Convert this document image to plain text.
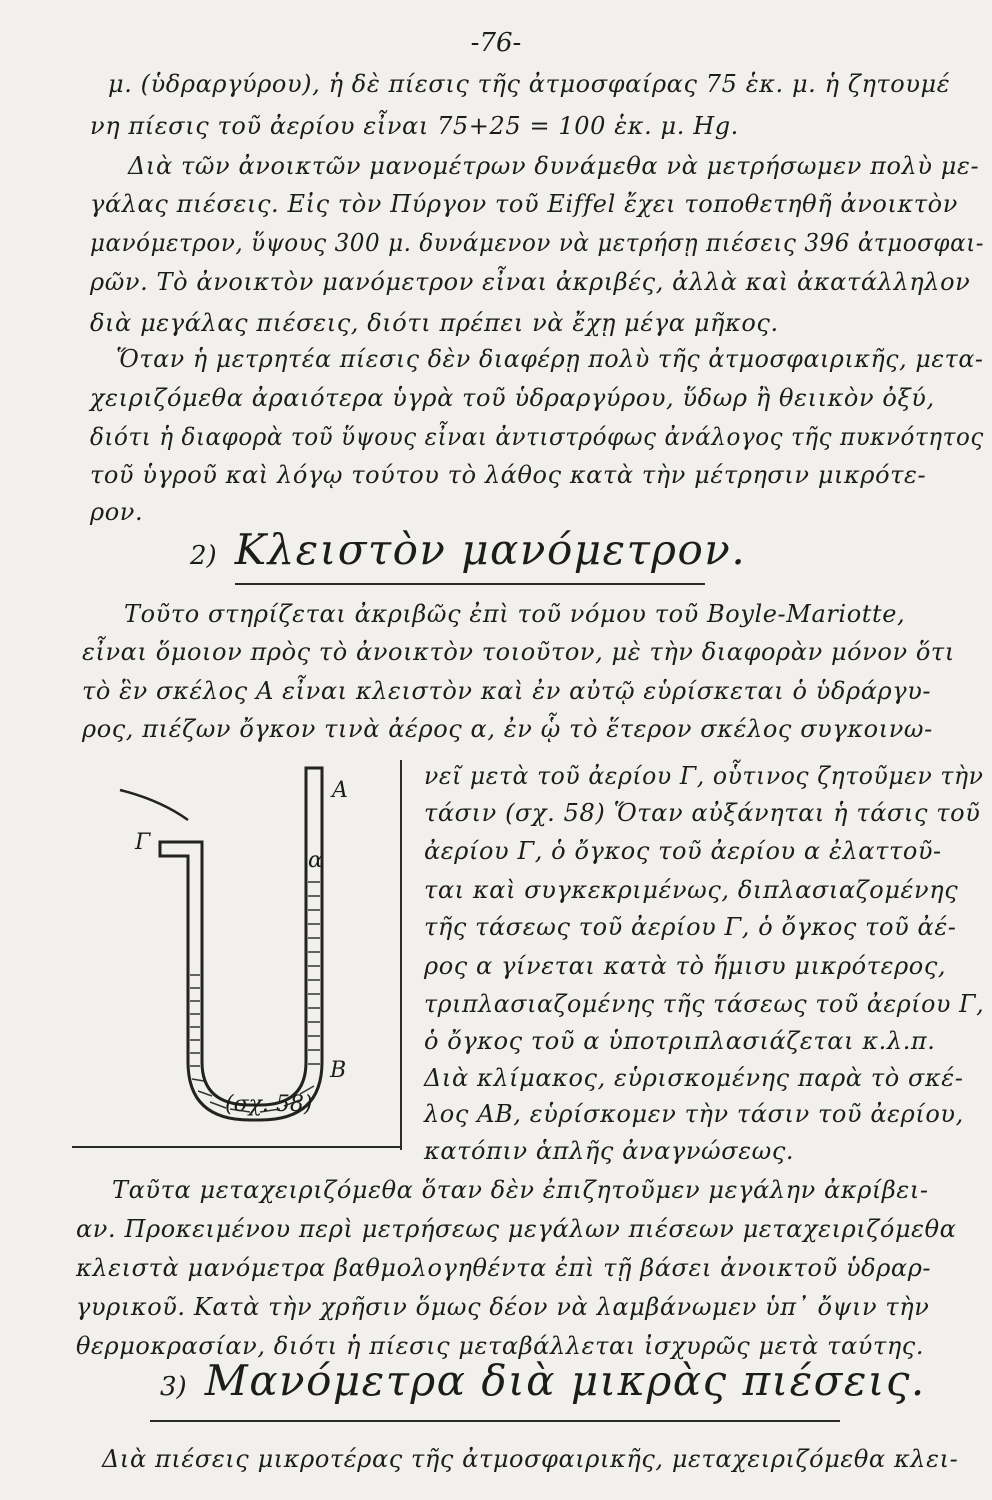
-76-
μ. (ὑδραργύρου), ἡ δὲ πίεσις τῆς ἀτμοσφαίρας 75 ἑκ. μ. ἡ ζητουμέ
νη πίεσις τοῦ ἀερίου εἶναι 75+25 = 100 ἑκ. μ. Hg.
Διὰ τῶν ἀνοικτῶν μανομέτρων δυνάμεθα νὰ μετρήσωμεν πολὺ με-
γάλας πιέσεις. Εἰς τὸν Πύργον τοῦ Eiffel ἔχει τοποθετηθῆ ἀνοικτὸν
μανόμετρον, ὕψους 300 μ. δυνάμενον νὰ μετρήσῃ πιέσεις 396 ἀτμοσφαι-
ρῶν. Τὸ ἀνοικτὸν μανόμετρον εἶναι ἀκριβές, ἀλλὰ καὶ ἀκατάλληλον
διὰ μεγάλας πιέσεις, διότι πρέπει νὰ ἔχῃ μέγα μῆκος.
Ὅταν ἡ μετρητέα πίεσις δὲν διαφέρῃ πολὺ τῆς ἀτμοσφαιρικῆς, μετα-
χειριζόμεθα ἀραιότερα ὑγρὰ τοῦ ὑδραργύρου, ὕδωρ ἢ θειικὸν ὀξύ,
διότι ἡ διαφορὰ τοῦ ὕψους εἶναι ἀντιστρόφως ἀνάλογος τῆς πυκνότητος
τοῦ ὑγροῦ καὶ λόγῳ τούτου τὸ λάθος κατὰ τὴν μέτρησιν μικρότε-
ρον.
2) Κλειστὸν μανόμετρον.
Τοῦτο στηρίζεται ἀκριβῶς ἐπὶ τοῦ νόμου τοῦ Boyle-Mariotte,
εἶναι ὅμοιον πρὸς τὸ ἀνοικτὸν τοιοῦτον, μὲ τὴν διαφορὰν μόνον ὅτι
τὸ ἓν σκέλος Α εἶναι κλειστὸν καὶ ἐν αὐτῷ εὑρίσκεται ὁ ὑδράργυ-
ρος, πιέζων ὄγκον τινὰ ἀέρος α, ἐν ᾧ τὸ ἕτερον σκέλος συγκοινω-
Α
Γ
α
Β
(σχ. 58)
νεῖ μετὰ τοῦ ἀερίου Γ, οὗτινος ζητοῦμεν τὴν
τάσιν (σχ. 58) Ὅταν αὐξάνηται ἡ τάσις τοῦ
ἀερίου Γ, ὁ ὄγκος τοῦ ἀερίου α ἐλαττοῦ-
ται καὶ συγκεκριμένως, διπλασιαζομένης
τῆς τάσεως τοῦ ἀερίου Γ, ὁ ὄγκος τοῦ ἀέ-
ρος α γίνεται κατὰ τὸ ἥμισυ μικρότερος,
τριπλασιαζομένης τῆς τάσεως τοῦ ἀερίου Γ,
ὁ ὄγκος τοῦ α ὑποτριπλασιάζεται κ.λ.π.
Διὰ κλίμακος, εὑρισκομένης παρὰ τὸ σκέ-
λος ΑΒ, εὑρίσκομεν τὴν τάσιν τοῦ ἀερίου,
κατόπιν ἁπλῆς ἀναγνώσεως.
Ταῦτα μεταχειριζόμεθα ὅταν δὲν ἐπιζητοῦμεν μεγάλην ἀκρίβει-
αν. Προκειμένου περὶ μετρήσεως μεγάλων πιέσεων μεταχειριζόμεθα
κλειστὰ μανόμετρα βαθμολογηθέντα ἐπὶ τῇ βάσει ἀνοικτοῦ ὑδραρ-
γυρικοῦ. Κατὰ τὴν χρῆσιν ὅμως δέον νὰ λαμβάνωμεν ὑπ᾽ ὄψιν τὴν
θερμοκρασίαν, διότι ἡ πίεσις μεταβάλλεται ἰσχυρῶς μετὰ ταύτης.
3) Μανόμετρα διὰ μικρὰς πιέσεις.
Διὰ πιέσεις μικροτέρας τῆς ἀτμοσφαιρικῆς, μεταχειριζόμεθα κλει-
